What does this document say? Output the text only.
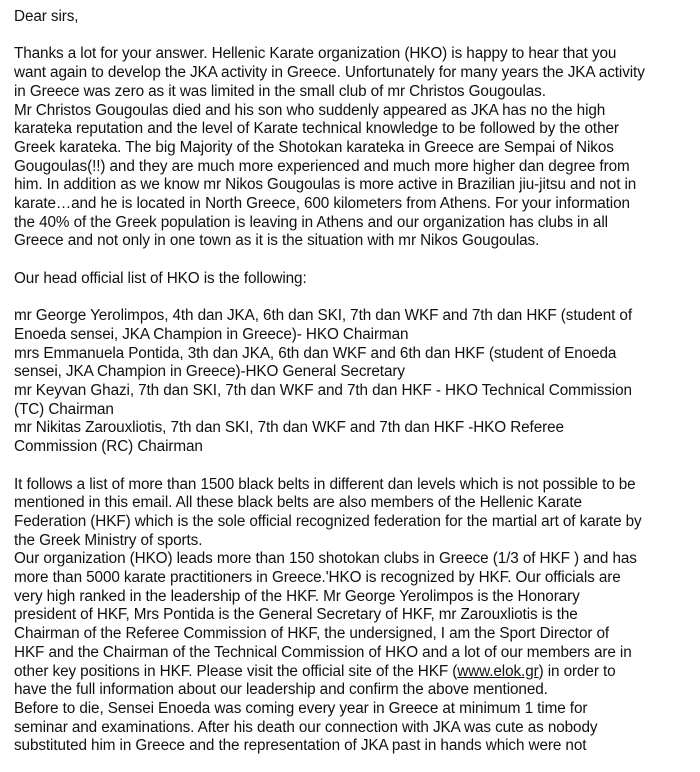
Dear sirs,
Thanks a lot for your answer. Hellenic Karate organization (HKO) is happy to hear that you
want again to develop the JKA activity in Greece. Unfortunately for many years the JKA activity
in Greece was zero as it was limited in the small club of mr Christos Gougoulas.
Mr Christos Gougoulas died and his son who suddenly appeared as JKA has no the high
karateka reputation and the level of Karate technical knowledge to be followed by the other
Greek karateka. The big Majority of the Shotokan karateka in Greece are Sempai of Nikos
Gougoulas(!!) and they are much more experienced and much more higher dan degree from
him. In addition as we know mr Nikos Gougoulas is more active in Brazilian jiu-jitsu and not in
karate…and he is located in North Greece, 600 kilometers from Athens. For your information
the 40% of the Greek population is leaving in Athens and our organization has clubs in all
Greece and not only in one town as it is the situation with mr Nikos Gougoulas.
Our head official list of HKO is the following:
mr George Yerolimpos, 4th dan JKA, 6th dan SKI, 7th dan WKF and 7th dan HKF (student of
Enoeda sensei, JKA Champion in Greece)- HKO Chairman
mrs Emmanuela Pontida, 3th dan JKA, 6th dan WKF and 6th dan HKF (student of Enoeda
sensei, JKA Champion in Greece)-HKO General Secretary
mr Keyvan Ghazi, 7th dan SKI, 7th dan WKF and 7th dan HKF - HKO Technical Commission
(TC) Chairman
mr Nikitas Zarouxliotis, 7th dan SKI, 7th dan WKF and 7th dan HKF -HKO Referee
Commission (RC) Chairman
It follows a list of more than 1500 black belts in different dan levels which is not possible to be
mentioned in this email. All these black belts are also members of the Hellenic Karate
Federation (HKF) which is the sole official recognized federation for the martial art of karate by
the Greek Ministry of sports.
Our organization (HKO) leads more than 150 shotokan clubs in Greece (1/3 of HKF ) and has
more than 5000 karate practitioners in Greece.'HKO is recognized by HKF. Our officials are
very high ranked in the leadership of the HKF. Mr George Yerolimpos is the Honorary
president of HKF, Mrs Pontida is the General Secretary of HKF, mr Zarouxliotis is the
Chairman of the Referee Commission of HKF, the undersigned, I am the Sport Director of
HKF and the Chairman of the Technical Commission of HKO and a lot of our members are in
other key positions in HKF. Please visit the official site of the HKF (www.elok.gr) in order to
have the full information about our leadership and confirm the above mentioned.
Before to die, Sensei Enoeda was coming every year in Greece at minimum 1 time for
seminar and examinations. After his death our connection with JKA was cute as nobody
substituted him in Greece and the representation of JKA past in hands which were not
